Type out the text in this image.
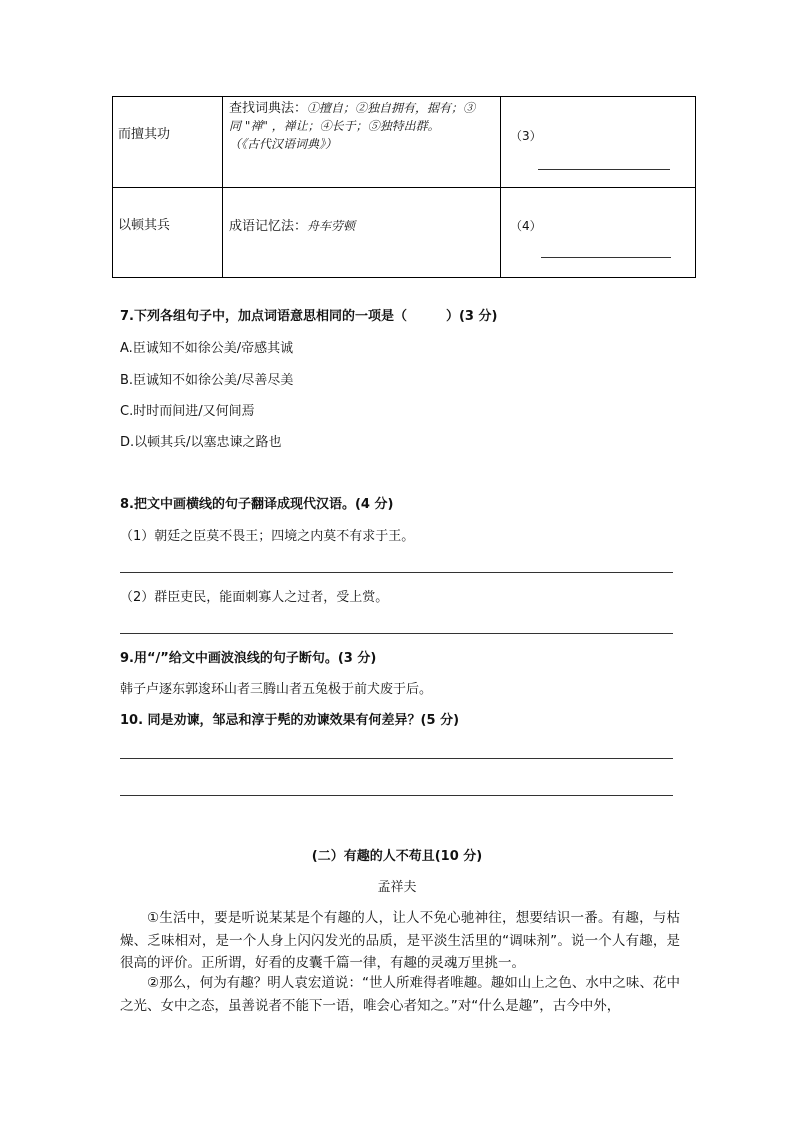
而擅其功
查找词典法：①擅自；②独自拥有，据有；③
同 "禅" ，禅让；④长于；⑤独特出群。
（《古代汉语词典》）
（3）
以顿其兵	成语记忆法：舟车劳顿	（4）
7.下列各组句子中，加点词语意思相同的一项是（　　　）(3 分)
A.臣诚知不如徐公美/帝感其诚
B.臣诚知不如徐公美/尽善尽美
C.时时而间进/又何间焉
D.以顿其兵/以塞忠谏之路也
8.把文中画横线的句子翻译成现代汉语。(4 分)
（1）朝廷之臣莫不畏王；四境之内莫不有求于王。
（2）群臣吏民，能面刺寡人之过者，受上赏。
9.用“/”给文中画波浪线的句子断句。(3 分)
韩子卢逐东郭逡环山者三腾山者五兔极于前犬废于后。
10. 同是劝谏，邹忌和淳于髡的劝谏效果有何差异？(5 分)
(二）有趣的人不苟且(10 分)
孟祥夫
①生活中，要是听说某某是个有趣的人，让人不免心驰神往，想要结识一番。有趣，与枯燥、乏味相对，是一个人身上闪闪发光的品质，是平淡生活里的“调味剂”。说一个人有趣，是很高的评价。正所谓，好看的皮囊千篇一律，有趣的灵魂万里挑一。
②那么，何为有趣？明人袁宏道说：“世人所难得者唯趣。趣如山上之色、水中之味、花中之光、女中之态，虽善说者不能下一语，唯会心者知之。”对“什么是趣”，古今中外，
